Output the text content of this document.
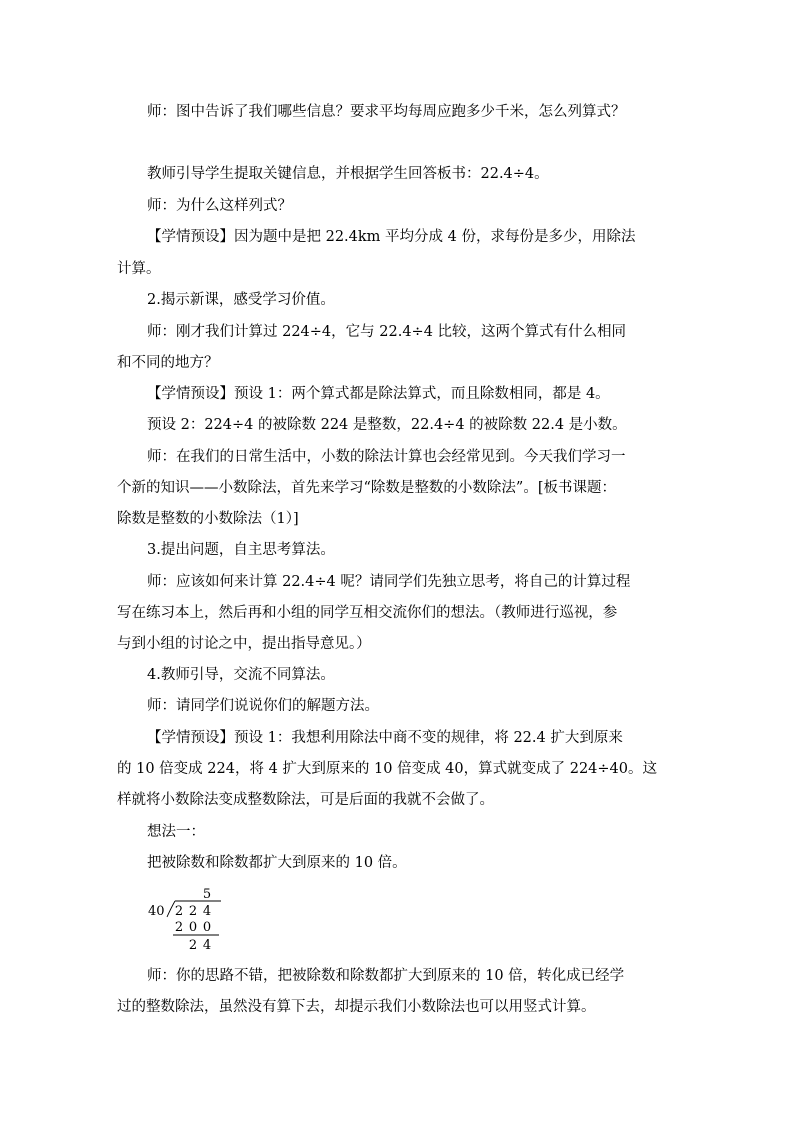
师：图中告诉了我们哪些信息？要求平均每周应跑多少千米，怎么列算式？
教师引导学生提取关键信息，并根据学生回答板书：22.4÷4。
师：为什么这样列式？
【学情预设】因为题中是把 22.4km 平均分成 4 份，求每份是多少，用除法
计算。
2.揭示新课，感受学习价值。
师：刚才我们计算过 224÷4，它与 22.4÷4 比较，这两个算式有什么相同
和不同的地方？
【学情预设】预设 1：两个算式都是除法算式，而且除数相同，都是 4。
预设 2：224÷4 的被除数 224 是整数，22.4÷4 的被除数 22.4 是小数。
师：在我们的日常生活中，小数的除法计算也会经常见到。今天我们学习一
个新的知识——小数除法，首先来学习“除数是整数的小数除法”。[板书课题：
除数是整数的小数除法（1）]
3.提出问题，自主思考算法。
师：应该如何来计算 22.4÷4 呢？请同学们先独立思考，将自己的计算过程
写在练习本上，然后再和小组的同学互相交流你们的想法。（教师进行巡视，参
与到小组的讨论之中，提出指导意见。）
4.教师引导，交流不同算法。
师：请同学们说说你们的解题方法。
【学情预设】预设 1：我想利用除法中商不变的规律，将 22.4 扩大到原来
的 10 倍变成 224，将 4 扩大到原来的 10 倍变成 40，算式就变成了 224÷40。这
样就将小数除法变成整数除法，可是后面的我就不会做了。
想法一：
把被除数和除数都扩大到原来的 10 倍。
5
40 2 2 4
2 0 0
2 4
师：你的思路不错，把被除数和除数都扩大到原来的 10 倍，转化成已经学
过的整数除法，虽然没有算下去，却提示我们小数除法也可以用竖式计算。
